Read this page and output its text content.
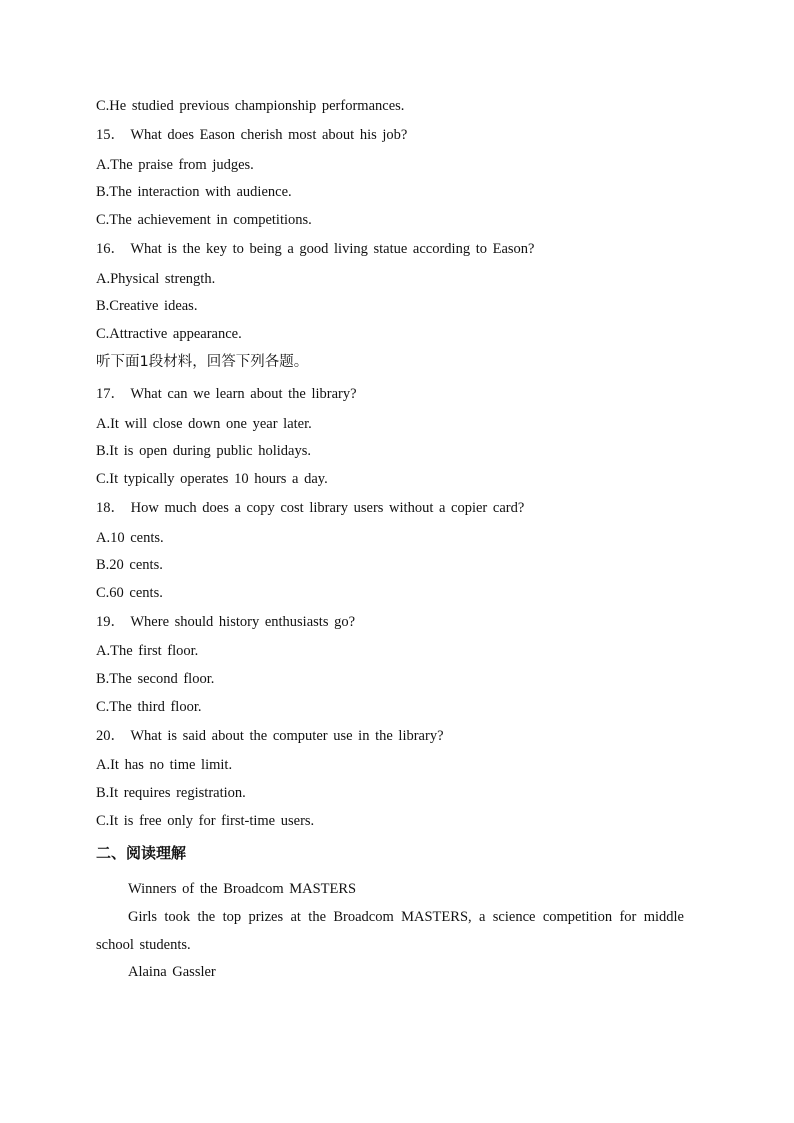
C.He studied previous championship performances.
15． What does Eason cherish most about his job?
A.The praise from judges.
B.The interaction with audience.
C.The achievement in competitions.
16． What is the key to being a good living statue according to Eason?
A.Physical strength.
B.Creative ideas.
C.Attractive appearance.
听下面1段材料，回答下列各题。
17． What can we learn about the library?
A.It will close down one year later.
B.It is open during public holidays.
C.It typically operates 10 hours a day.
18． How much does a copy cost library users without a copier card?
A.10 cents.
B.20 cents.
C.60 cents.
19． Where should history enthusiasts go?
A.The first floor.
B.The second floor.
C.The third floor.
20． What is said about the computer use in the library?
A.It has no time limit.
B.It requires registration.
C.It is free only for first-time users.
二、阅读理解
Winners of the Broadcom MASTERS
Girls took the top prizes at the Broadcom MASTERS, a science competition for middle
school students.
Alaina Gassler
